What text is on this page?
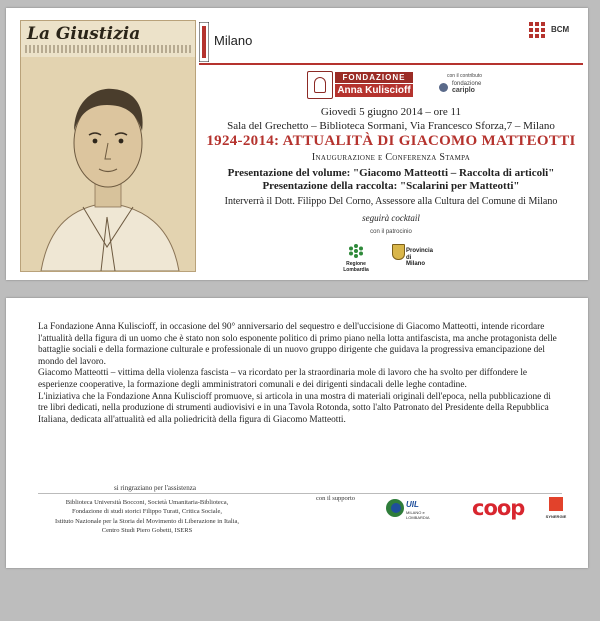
La Giustizia	Milano
BCM
FONDAZIONE
Anna Kuliscioff
con il contributo
fondazione
cariplo
Giovedì 5 giugno 2014 – ore 11
Sala del Grechetto – Biblioteca Sormani, Via Francesco Sforza,7 – Milano
1924-2014: ATTUALITÀ DI GIACOMO MATTEOTTI
Inaugurazione e Conferenza Stampa
Presentazione del volume: "Giacomo Matteotti – Raccolta di articoli"
Presentazione della raccolta: "Scalarini per Matteotti"
Interverrà il Dott. Filippo Del Corno, Assessore alla Cultura del Comune di Milano
seguirà cocktail
con il patrocinio
Regione Lombardia
Provincia
di Milano

La Fondazione Anna Kuliscioff, in occasione del 90° anniversario del sequestro e dell'uccisione di Giacomo Matteotti, intende ricordare l'attualità della figura di un uomo che è stato non solo esponente politico di primo piano nella lotta antifascista, ma anche protagonista delle battaglie sociali e della formazione culturale e professionale di un nuovo gruppo dirigente che guidava la progressiva emancipazione del mondo del lavoro.

Giacomo Matteotti – vittima della violenza fascista – va ricordato per la straordinaria mole di lavoro che ha svolto per diffondere le esperienze cooperative, la formazione degli amministratori comunali e dei dirigenti sindacali delle leghe contadine.

L'iniziativa che la Fondazione Anna Kuliscioff promuove, si articola in una mostra di materiali originali dell'epoca, nella pubblicazione di tre libri dedicati, nella produzione di strumenti audiovisivi e in una Tavola Rotonda, sotto l'alto Patronato del Presidente della Repubblica Italiana, dedicata all'attualità ed alla poliedricità della figura di Giacomo Matteotti.

si ringraziano per l'assistenza
Biblioteca Università Bocconi, Società Umanitaria-Biblioteca,
Fondazione di studi storici Filippo Turati, Critica Sociale,
Istituto Nazionale per la Storia del Movimento di Liberazione in Italia,
Centro Studi Piero Gobetti, ISERS
con il supporto
UIL
MILANO e LOMBARDIA	coop	SYNERGIE
